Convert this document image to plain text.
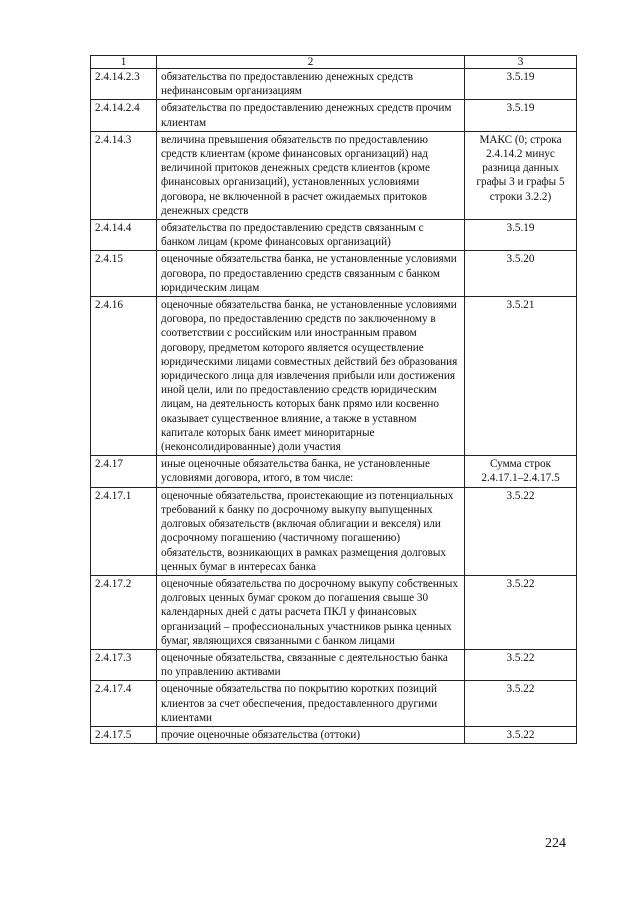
1	2	3
2.4.14.2.3	обязательства по предоставлению денежных средств нефинансовым организациям	3.5.19
2.4.14.2.4	обязательства по предоставлению денежных средств прочим клиентам	3.5.19
2.4.14.3	величина превышения обязательств по предоставлению средств клиентам (кроме финансовых организаций) над величиной притоков денежных средств клиентов (кроме финансовых организаций), установленных условиями договора, не включенной в расчет ожидаемых притоков денежных средств	МАКС (0; строка 2.4.14.2 минус разница данных графы 3 и графы 5 строки 3.2.2)
2.4.14.4	обязательства по предоставлению средств связанным с банком лицам (кроме финансовых организаций)	3.5.19
2.4.15	оценочные обязательства банка, не установленные условиями договора, по предоставлению средств связанным с банком юридическим лицам	3.5.20
2.4.16	оценочные обязательства банка, не установленные условиями договора, по предоставлению средств по заключенному в соответствии с российским или иностранным правом договору, предметом которого является осуществление юридическими лицами совместных действий без образования юридического лица для извлечения прибыли или достижения иной цели, или по предоставлению средств юридическим лицам, на деятельность которых банк прямо или косвенно оказывает существенное влияние, а также в уставном капитале которых банк имеет миноритарные (неконсолидированные) доли участия	3.5.21
2.4.17	иные оценочные обязательства банка, не установленные условиями договора, итого, в том числе:	Сумма строк 2.4.17.1–2.4.17.5
2.4.17.1	оценочные обязательства, проистекающие из потенциальных требований к банку по досрочному выкупу выпущенных долговых обязательств (включая облигации и векселя) или досрочному погашению (частичному погашению) обязательств, возникающих в рамках размещения долговых ценных бумаг в интересах банка	3.5.22
2.4.17.2	оценочные обязательства по досрочному выкупу собственных долговых ценных бумаг сроком до погашения свыше 30 календарных дней с даты расчета ПКЛ у финансовых организаций – профессиональных участников рынка ценных бумаг, являющихся связанными с банком лицами	3.5.22
2.4.17.3	оценочные обязательства, связанные с деятельностью банка по управлению активами	3.5.22
2.4.17.4	оценочные обязательства по покрытию коротких позиций клиентов за счет обеспечения, предоставленного другими клиентами	3.5.22
2.4.17.5	прочие оценочные обязательства (оттоки)	3.5.22
224
